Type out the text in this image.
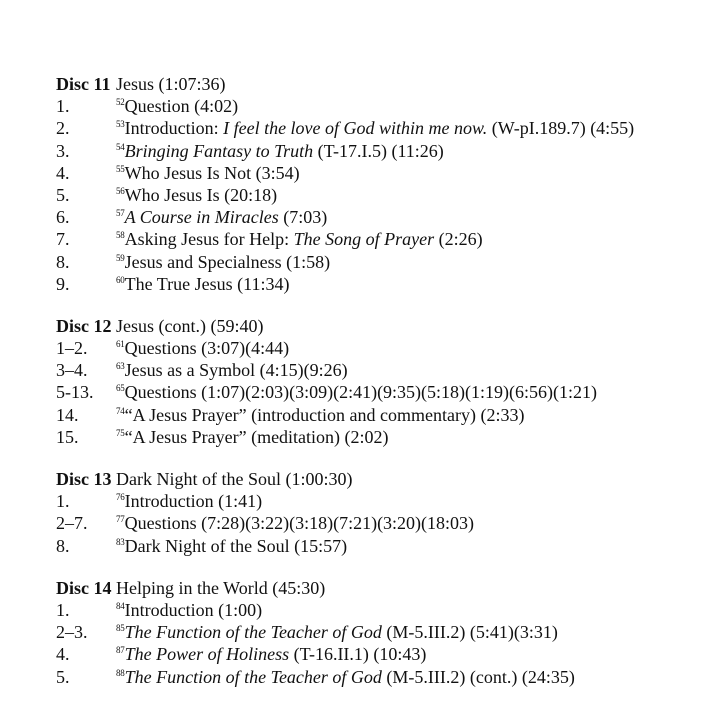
Disc 11 Jesus (1:07:36)
1.	$^{52}$Question (4:02)
2.	$^{53}$Introduction: I feel the love of God within me now. (W-pI.189.7) (4:55)
3.	$^{54}$Bringing Fantasy to Truth (T-17.I.5) (11:26)
4.	$^{55}$Who Jesus Is Not (3:54)
5.	$^{56}$Who Jesus Is (20:18)
6.	$^{57}$A Course in Miracles (7:03)
7.	$^{58}$Asking Jesus for Help: The Song of Prayer (2:26)
8.	$^{59}$Jesus and Specialness (1:58)
9.	$^{60}$The True Jesus (11:34)
Disc 12 Jesus (cont.) (59:40)
1–2.	$^{61}$Questions (3:07)(4:44)
3–4.	$^{63}$Jesus as a Symbol (4:15)(9:26)
5-13.	$^{65}$Questions (1:07)(2:03)(3:09)(2:41)(9:35)(5:18)(1:19)(6:56)(1:21)
14.	$^{74}$“A Jesus Prayer” (introduction and commentary) (2:33)
15.	$^{75}$“A Jesus Prayer” (meditation) (2:02)
Disc 13 Dark Night of the Soul (1:00:30)
1.	$^{76}$Introduction (1:41)
2–7.	$^{77}$Questions (7:28)(3:22)(3:18)(7:21)(3:20)(18:03)
8.	$^{83}$Dark Night of the Soul (15:57)
Disc 14 Helping in the World (45:30)
1.	$^{84}$Introduction (1:00)
2–3.	$^{85}$The Function of the Teacher of God (M-5.III.2) (5:41)(3:31)
4.	$^{87}$The Power of Holiness (T-16.II.1) (10:43)
5.	$^{88}$The Function of the Teacher of God (M-5.III.2) (cont.) (24:35)
